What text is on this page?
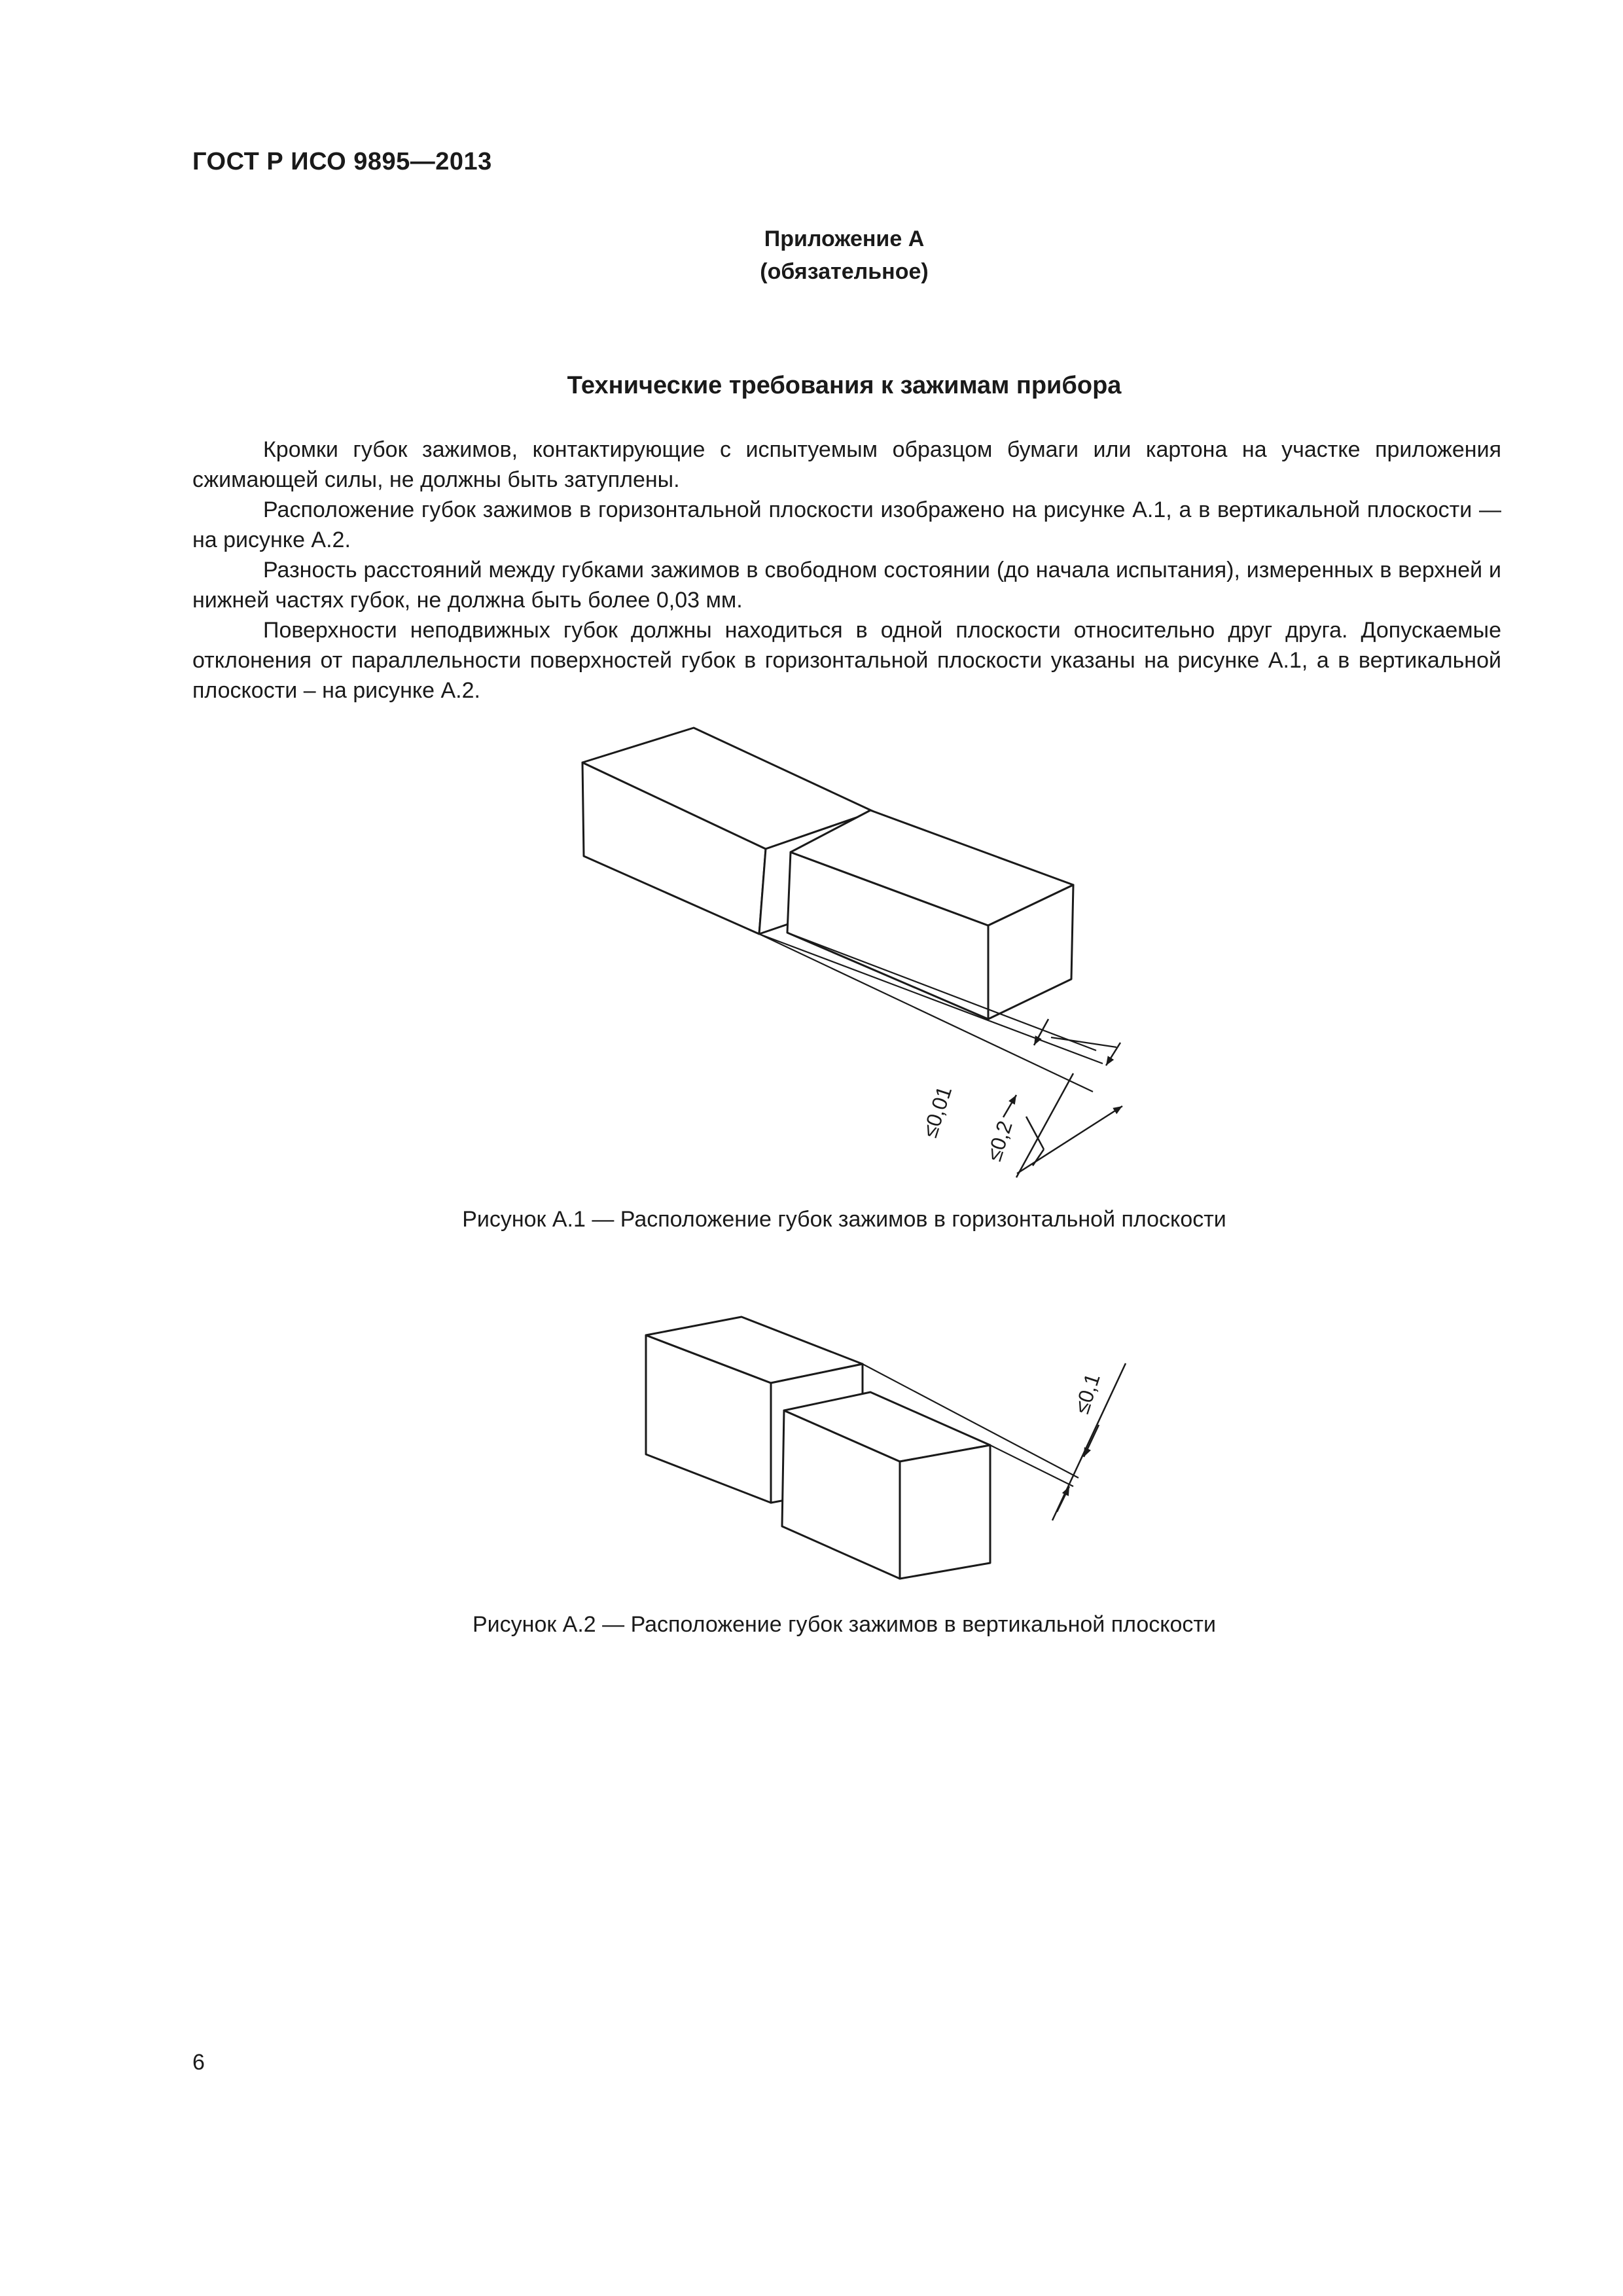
ГОСТ Р ИСО 9895—2013
Приложение А
(обязательное)
Технические требования к зажимам прибора

Кромки губок зажимов, контактирующие с испытуемым образцом бумаги или картона на участке приложения сжимающей силы, не должны быть затуплены.

Расположение губок зажимов в горизонтальной плоскости изображено на рисунке А.1, а в вертикальной плоскости — на рисунке А.2.

Разность расстояний между губками зажимов в свободном состоянии (до начала испытания), измеренных в верхней и нижней частях губок, не должна быть более 0,03 мм.

Поверхности неподвижных губок должны находиться в одной плоскости относительно друг друга. Допускаемые отклонения от параллельности поверхностей губок в горизонтальной плоскости указаны на рисунке А.1, а в вертикальной плоскости – на рисунке А.2.

≤0,01
≤0,2
≤0,1
Рисунок А.1 — Расположение губок зажимов в горизонтальной плоскости
Рисунок А.2 — Расположение губок зажимов в вертикальной плоскости
6
